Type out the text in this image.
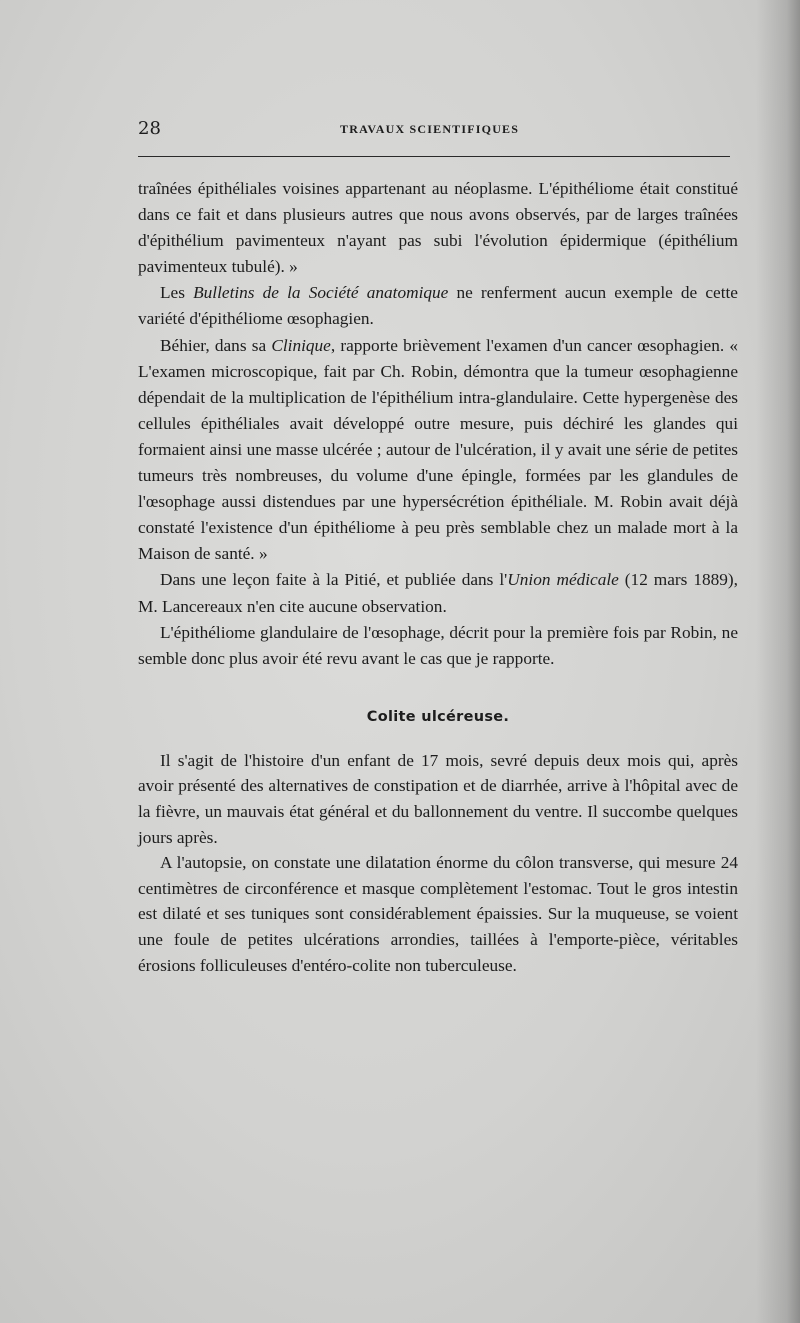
28	TRAVAUX SCIENTIFIQUES

traînées épithéliales voisines appartenant au néoplasme. L'épithéliome était constitué dans ce fait et dans plusieurs autres que nous avons observés, par de larges traînées d'épithélium pavimenteux n'ayant pas subi l'évolution épidermique (épithélium pavimenteux tubulé). »

Les Bulletins de la Société anatomique ne renferment aucun exemple de cette variété d'épithéliome œsophagien.

Béhier, dans sa Clinique, rapporte brièvement l'examen d'un cancer œsophagien. « L'examen microscopique, fait par Ch. Robin, démontra que la tumeur œsophagienne dépendait de la multiplication de l'épithélium intra-glandulaire. Cette hypergenèse des cellules épithéliales avait développé outre mesure, puis déchiré les glandes qui formaient ainsi une masse ulcérée ; autour de l'ulcération, il y avait une série de petites tumeurs très nombreuses, du volume d'une épingle, formées par les glandules de l'œsophage aussi distendues par une hypersécrétion épithéliale. M. Robin avait déjà constaté l'existence d'un épithéliome à peu près semblable chez un malade mort à la Maison de santé. »

Dans une leçon faite à la Pitié, et publiée dans l'Union médicale (12 mars 1889), M. Lancereaux n'en cite aucune observation.

L'épithéliome glandulaire de l'œsophage, décrit pour la première fois par Robin, ne semble donc plus avoir été revu avant le cas que je rapporte.

Colite ulcéreuse.

Il s'agit de l'histoire d'un enfant de 17 mois, sevré depuis deux mois qui, après avoir présenté des alternatives de constipation et de diarrhée, arrive à l'hôpital avec de la fièvre, un mauvais état général et du ballonnement du ventre. Il succombe quelques jours après.

A l'autopsie, on constate une dilatation énorme du côlon transverse, qui mesure 24 centimètres de circonférence et masque complètement l'estomac. Tout le gros intestin est dilaté et ses tuniques sont considérablement épaissies. Sur la muqueuse, se voient une foule de petites ulcérations arrondies, taillées à l'emporte-pièce, véritables érosions folliculeuses d'entéro-colite non tuberculeuse.
